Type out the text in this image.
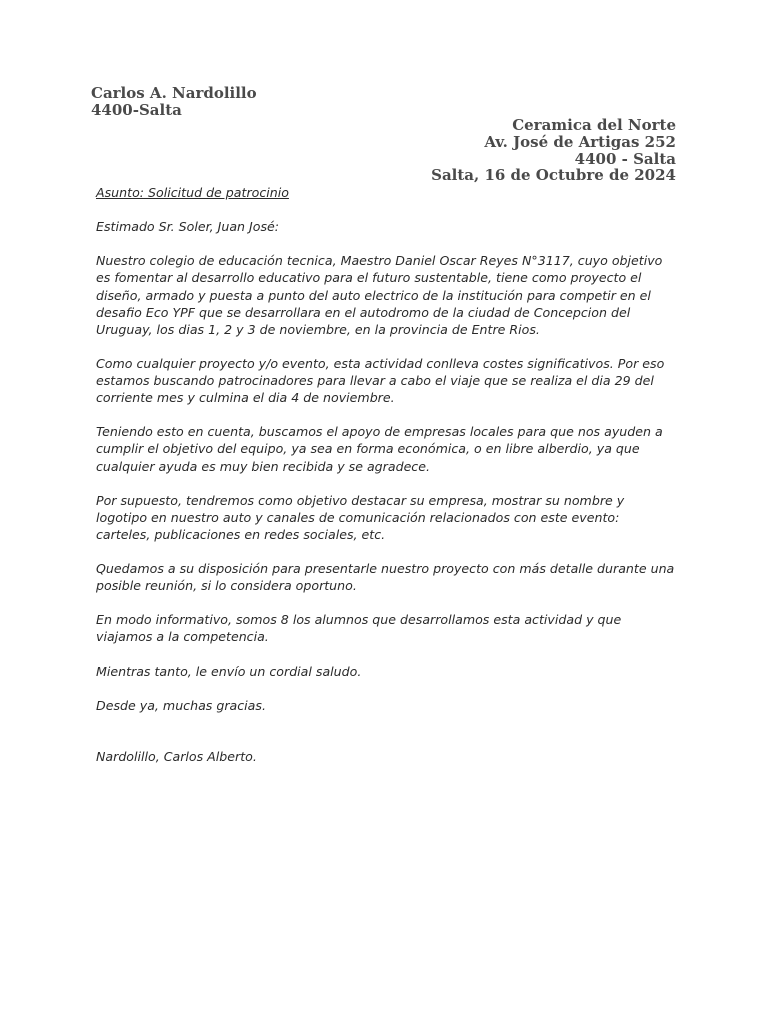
Carlos A. Nardolillo
4400-Salta
Ceramica del Norte
Av. José de Artigas 252
4400 - Salta
Salta, 16 de Octubre de 2024

Asunto: Solicitud de patrocinio

Estimado Sr. Soler, Juan José:

Nuestro colegio de educación tecnica, Maestro Daniel Oscar Reyes N°3117, cuyo objetivo es fomentar al desarrollo educativo para el futuro sustentable, tiene como proyecto el diseño, armado y puesta a punto del auto electrico de la institución para competir en el desafio Eco YPF que se desarrollara en el autodromo de la ciudad de Concepcion del Uruguay, los dias 1, 2 y 3 de noviembre, en la provincia de Entre Rios.

Como cualquier proyecto y/o evento, esta actividad conlleva costes significativos. Por eso estamos buscando patrocinadores para llevar a cabo el viaje que se realiza el dia 29 del corriente mes y culmina el dia 4 de noviembre.

Teniendo esto en cuenta, buscamos el apoyo de empresas locales para que nos ayuden a cumplir el objetivo del equipo, ya sea en forma económica, o en libre alberdio, ya que cualquier ayuda es muy bien recibida y se agradece.

Por supuesto, tendremos como objetivo destacar su empresa, mostrar su nombre y logotipo en nuestro auto y canales de comunicación relacionados con este evento: carteles, publicaciones en redes sociales, etc.

Quedamos a su disposición para presentarle nuestro proyecto con más detalle durante una posible reunión, si lo considera oportuno.

En modo informativo, somos 8 los alumnos que desarrollamos esta actividad y que viajamos a la competencia.

Mientras tanto, le envío un cordial saludo.

Desde ya, muchas gracias.

Nardolillo, Carlos Alberto.
